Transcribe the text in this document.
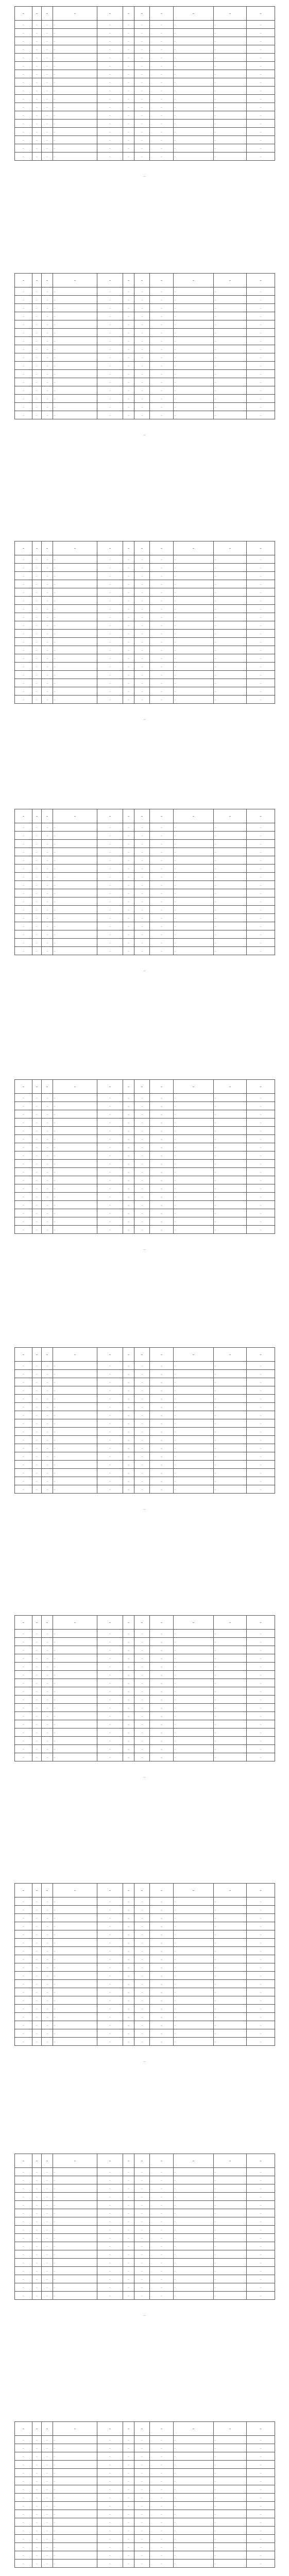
—	—	—	—	—	—	—	—	—	—	—
—	—	—	—	—	—	—	—	—	—	—
—	—	—	—	—	—	—	—	—	—	—
—	—	—	—	—	—	—	—	—	—	—
—	—	—	—	—	—	—	—	—	—	—
—	—	—	—	—	—	—	—	—	—	—
—	—	—	—	—	—	—	—	—	—	—
—	—	—	—	—	—	—	—	—	—	—
—	—	—	—	—	—	—	—	—	—	—
—	—	—	—	—	—	—	—	—	—	—
—	—	—	—	—	—	—	—	—	—	—
—	—	—	—	—	—	—	—	—	—	—
—	—	—	—	—	—	—	—	—	—	—
—	—	—	—	—	—	—	—	—	—	—
—	—	—	—	—	—	—	—	—	—	—
—	—	—	—	—	—	—	—	—	—	—
—	—	—	—	—	—	—	—	—	—	—
—	—	—	—	—	—	—	—	—	—	—
—
—	—	—	—	—	—	—	—	—	—	—
—	—	—	—	—	—	—	—	—	—	—
—	—	—	—	—	—	—	—	—	—	—
—	—	—	—	—	—	—	—	—	—	—
—	—	—	—	—	—	—	—	—	—	—
—	—	—	—	—	—	—	—	—	—	—
—	—	—	—	—	—	—	—	—	—	—
—	—	—	—	—	—	—	—	—	—	—
—	—	—	—	—	—	—	—	—	—	—
—	—	—	—	—	—	—	—	—	—	—
—	—	—	—	—	—	—	—	—	—	—
—	—	—	—	—	—	—	—	—	—	—
—	—	—	—	—	—	—	—	—	—	—
—	—	—	—	—	—	—	—	—	—	—
—	—	—	—	—	—	—	—	—	—	—
—	—	—	—	—	—	—	—	—	—	—
—	—	—	—	—	—	—	—	—	—	—
—
—	—	—	—	—	—	—	—	—	—	—
—	—	—	—	—	—	—	—	—	—	—
—	—	—	—	—	—	—	—	—	—	—
—	—	—	—	—	—	—	—	—	—	—
—	—	—	—	—	—	—	—	—	—	—
—	—	—	—	—	—	—	—	—	—	—
—	—	—	—	—	—	—	—	—	—	—
—	—	—	—	—	—	—	—	—	—	—
—	—	—	—	—	—	—	—	—	—	—
—	—	—	—	—	—	—	—	—	—	—
—	—	—	—	—	—	—	—	—	—	—
—	—	—	—	—	—	—	—	—	—	—
—	—	—	—	—	—	—	—	—	—	—
—	—	—	—	—	—	—	—	—	—	—
—	—	—	—	—	—	—	—	—	—	—
—	—	—	—	—	—	—	—	—	—	—
—	—	—	—	—	—	—	—	—	—	—
—	—	—	—	—	—	—	—	—	—	—
—	—	—	—	—	—	—	—	—	—	—
—
—	—	—	—	—	—	—	—	—	—	—
—	—	—	—	—	—	—	—	—	—	—
—	—	—	—	—	—	—	—	—	—	—
—	—	—	—	—	—	—	—	—	—	—
—	—	—	—	—	—	—	—	—	—	—
—	—	—	—	—	—	—	—	—	—	—
—	—	—	—	—	—	—	—	—	—	—
—	—	—	—	—	—	—	—	—	—	—
—	—	—	—	—	—	—	—	—	—	—
—	—	—	—	—	—	—	—	—	—	—
—	—	—	—	—	—	—	—	—	—	—
—	—	—	—	—	—	—	—	—	—	—
—	—	—	—	—	—	—	—	—	—	—
—	—	—	—	—	—	—	—	—	—	—
—	—	—	—	—	—	—	—	—	—	—
—	—	—	—	—	—	—	—	—	—	—
—	—	—	—	—	—	—	—	—	—	—
—
—	—	—	—	—	—	—	—	—	—	—
—	—	—	—	—	—	—	—	—	—	—
—	—	—	—	—	—	—	—	—	—	—
—	—	—	—	—	—	—	—	—	—	—
—	—	—	—	—	—	—	—	—	—	—
—	—	—	—	—	—	—	—	—	—	—
—	—	—	—	—	—	—	—	—	—	—
—	—	—	—	—	—	—	—	—	—	—
—	—	—	—	—	—	—	—	—	—	—
—	—	—	—	—	—	—	—	—	—	—
—	—	—	—	—	—	—	—	—	—	—
—	—	—	—	—	—	—	—	—	—	—
—	—	—	—	—	—	—	—	—	—	—
—	—	—	—	—	—	—	—	—	—	—
—	—	—	—	—	—	—	—	—	—	—
—	—	—	—	—	—	—	—	—	—	—
—	—	—	—	—	—	—	—	—	—	—
—	—	—	—	—	—	—	—	—	—	—
—
—	—	—	—	—	—	—	—	—	—	—
—	—	—	—	—	—	—	—	—	—	—
—	—	—	—	—	—	—	—	—	—	—
—	—	—	—	—	—	—	—	—	—	—
—	—	—	—	—	—	—	—	—	—	—
—	—	—	—	—	—	—	—	—	—	—
—	—	—	—	—	—	—	—	—	—	—
—	—	—	—	—	—	—	—	—	—	—
—	—	—	—	—	—	—	—	—	—	—
—	—	—	—	—	—	—	—	—	—	—
—	—	—	—	—	—	—	—	—	—	—
—	—	—	—	—	—	—	—	—	—	—
—	—	—	—	—	—	—	—	—	—	—
—	—	—	—	—	—	—	—	—	—	—
—	—	—	—	—	—	—	—	—	—	—
—	—	—	—	—	—	—	—	—	—	—
—	—	—	—	—	—	—	—	—	—	—
—
—	—	—	—	—	—	—	—	—	—	—
—	—	—	—	—	—	—	—	—	—	—
—	—	—	—	—	—	—	—	—	—	—
—	—	—	—	—	—	—	—	—	—	—
—	—	—	—	—	—	—	—	—	—	—
—	—	—	—	—	—	—	—	—	—	—
—	—	—	—	—	—	—	—	—	—	—
—	—	—	—	—	—	—	—	—	—	—
—	—	—	—	—	—	—	—	—	—	—
—	—	—	—	—	—	—	—	—	—	—
—	—	—	—	—	—	—	—	—	—	—
—	—	—	—	—	—	—	—	—	—	—
—	—	—	—	—	—	—	—	—	—	—
—	—	—	—	—	—	—	—	—	—	—
—	—	—	—	—	—	—	—	—	—	—
—	—	—	—	—	—	—	—	—	—	—
—	—	—	—	—	—	—	—	—	—	—
—
—	—	—	—	—	—	—	—	—	—	—
—	—	—	—	—	—	—	—	—	—	—
—	—	—	—	—	—	—	—	—	—	—
—	—	—	—	—	—	—	—	—	—	—
—	—	—	—	—	—	—	—	—	—	—
—	—	—	—	—	—	—	—	—	—	—
—	—	—	—	—	—	—	—	—	—	—
—	—	—	—	—	—	—	—	—	—	—
—	—	—	—	—	—	—	—	—	—	—
—	—	—	—	—	—	—	—	—	—	—
—	—	—	—	—	—	—	—	—	—	—
—	—	—	—	—	—	—	—	—	—	—
—	—	—	—	—	—	—	—	—	—	—
—	—	—	—	—	—	—	—	—	—	—
—	—	—	—	—	—	—	—	—	—	—
—	—	—	—	—	—	—	—	—	—	—
—	—	—	—	—	—	—	—	—	—	—
—	—	—	—	—	—	—	—	—	—	—
—	—	—	—	—	—	—	—	—	—	—
—
—	—	—	—	—	—	—	—	—	—	—
—	—	—	—	—	—	—	—	—	—	—
—	—	—	—	—	—	—	—	—	—	—
—	—	—	—	—	—	—	—	—	—	—
—	—	—	—	—	—	—	—	—	—	—
—	—	—	—	—	—	—	—	—	—	—
—	—	—	—	—	—	—	—	—	—	—
—	—	—	—	—	—	—	—	—	—	—
—	—	—	—	—	—	—	—	—	—	—
—	—	—	—	—	—	—	—	—	—	—
—	—	—	—	—	—	—	—	—	—	—
—	—	—	—	—	—	—	—	—	—	—
—	—	—	—	—	—	—	—	—	—	—
—	—	—	—	—	—	—	—	—	—	—
—	—	—	—	—	—	—	—	—	—	—
—	—	—	—	—	—	—	—	—	—	—
—	—	—	—	—	—	—	—	—	—	—
—
—	—	—	—	—	—	—	—	—	—	—
—	—	—	—	—	—	—	—	—	—	—
—	—	—	—	—	—	—	—	—	—	—
—	—	—	—	—	—	—	—	—	—	—
—	—	—	—	—	—	—	—	—	—	—
—	—	—	—	—	—	—	—	—	—	—
—	—	—	—	—	—	—	—	—	—	—
—	—	—	—	—	—	—	—	—	—	—
—	—	—	—	—	—	—	—	—	—	—
—	—	—	—	—	—	—	—	—	—	—
—	—	—	—	—	—	—	—	—	—	—
—	—	—	—	—	—	—	—	—	—	—
—	—	—	—	—	—	—	—	—	—	—
—	—	—	—	—	—	—	—	—	—	—
—	—	—	—	—	—	—	—	—	—	—
—	—	—	—	—	—	—	—	—	—	—
—	—	—	—	—	—	—	—	—	—	—
